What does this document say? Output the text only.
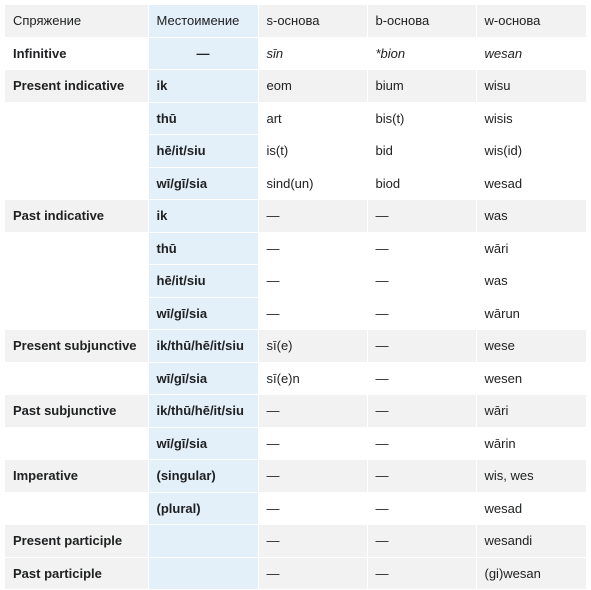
Спряжение	Местоимение	s-основа	b-основа	w-основа
Infinitive	—	sīn	*bion	wesan
Present indicative	ik	eom	bium	wisu
	thū	art	bis(t)	wisis
	hē/it/siu	is(t)	bid	wis(id)
	wī/gī/sia	sind(un)	biod	wesad
Past indicative	ik	—	—	was
	thū	—	—	wāri
	hē/it/siu	—	—	was
	wī/gī/sia	—	—	wārun
Present subjunctive	ik/thū/hē/it/siu	sī(e)	—	wese
	wī/gī/sia	sī(e)n	—	wesen
Past subjunctive	ik/thū/hē/it/siu	—	—	wāri
	wī/gī/sia	—	—	wārin
Imperative	(singular)	—	—	wis, wes
	(plural)	—	—	wesad
Present participle		—	—	wesandi
Past participle		—	—	(gi)wesan
